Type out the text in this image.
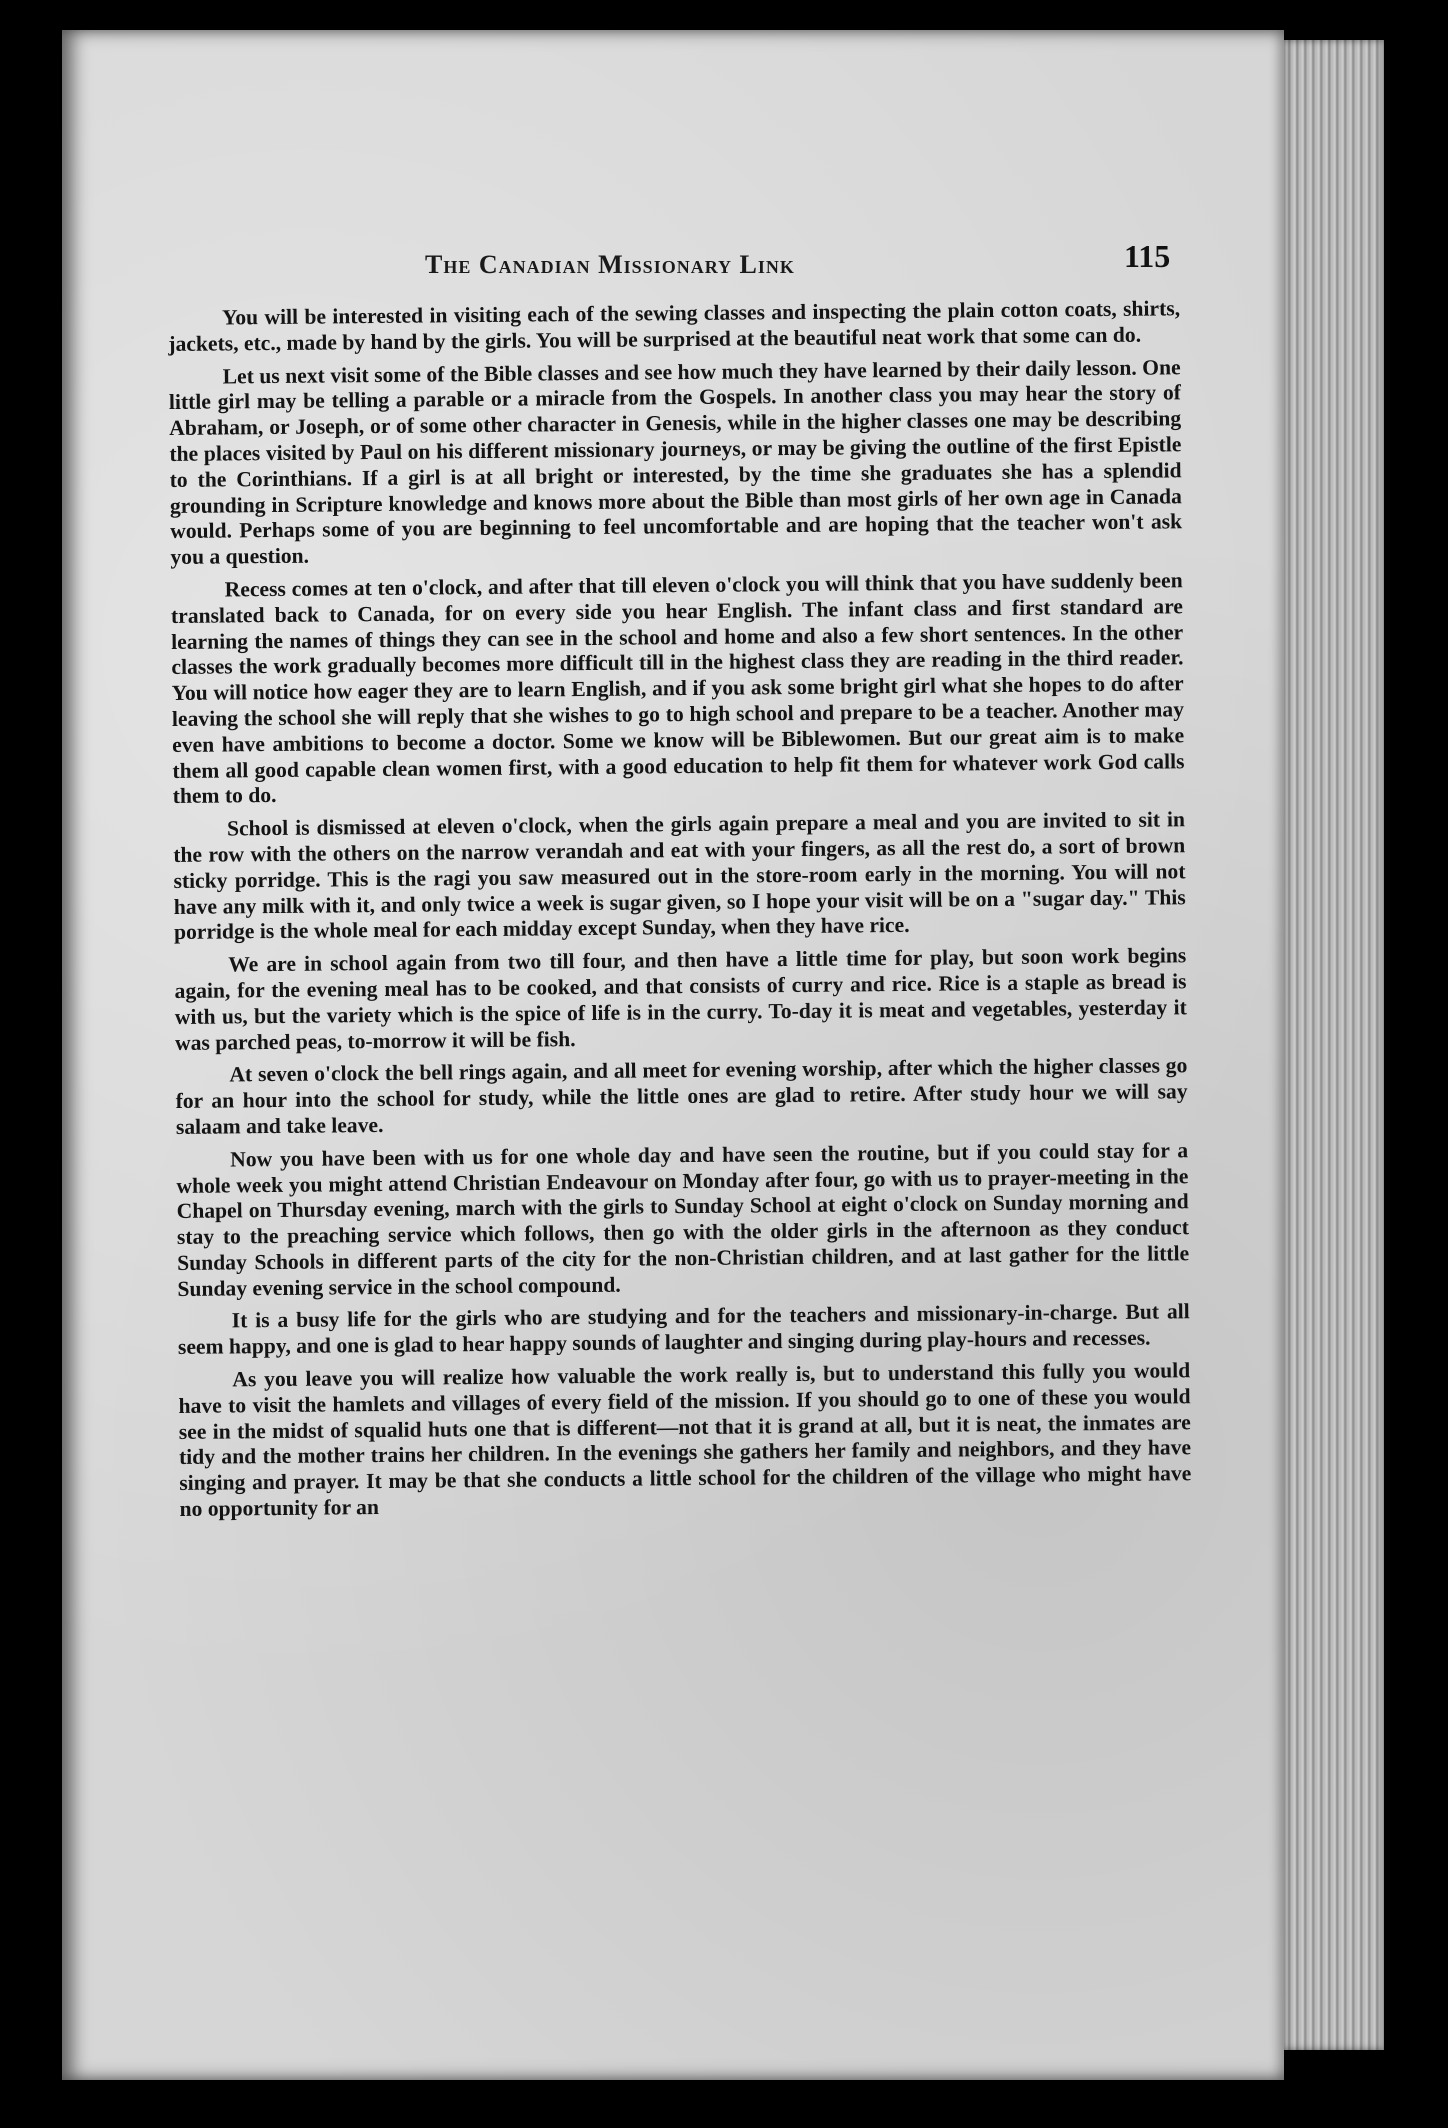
The Canadian Missionary Link	115

You will be interested in visiting each of the sewing classes and inspecting the plain cotton coats, shirts, jackets, etc., made by hand by the girls. You will be surprised at the beautiful neat work that some can do.

Let us next visit some of the Bible classes and see how much they have learned by their daily lesson. One little girl may be telling a parable or a miracle from the Gospels. In another class you may hear the story of Abraham, or Joseph, or of some other character in Genesis, while in the higher classes one may be describing the places visited by Paul on his different missionary journeys, or may be giving the outline of the first Epistle to the Corinthians. If a girl is at all bright or interested, by the time she graduates she has a splendid grounding in Scripture knowledge and knows more about the Bible than most girls of her own age in Canada would. Perhaps some of you are beginning to feel uncomfortable and are hoping that the teacher won't ask you a question.

Recess comes at ten o'clock, and after that till eleven o'clock you will think that you have suddenly been translated back to Canada, for on every side you hear English. The infant class and first standard are learning the names of things they can see in the school and home and also a few short sentences. In the other classes the work gradually becomes more difficult till in the highest class they are reading in the third reader. You will notice how eager they are to learn English, and if you ask some bright girl what she hopes to do after leaving the school she will reply that she wishes to go to high school and prepare to be a teacher. Another may even have ambitions to become a doctor. Some we know will be Biblewomen. But our great aim is to make them all good capable clean women first, with a good education to help fit them for whatever work God calls them to do.

School is dismissed at eleven o'clock, when the girls again prepare a meal and you are invited to sit in the row with the others on the narrow verandah and eat with your fingers, as all the rest do, a sort of brown sticky porridge. This is the ragi you saw measured out in the store-room early in the morning. You will not have any milk with it, and only twice a week is sugar given, so I hope your visit will be on a "sugar day." This porridge is the whole meal for each midday except Sunday, when they have rice.

We are in school again from two till four, and then have a little time for play, but soon work begins again, for the evening meal has to be cooked, and that consists of curry and rice. Rice is a staple as bread is with us, but the variety which is the spice of life is in the curry. To-day it is meat and vegetables, yesterday it was parched peas, to-morrow it will be fish.

At seven o'clock the bell rings again, and all meet for evening worship, after which the higher classes go for an hour into the school for study, while the little ones are glad to retire. After study hour we will say salaam and take leave.

Now you have been with us for one whole day and have seen the routine, but if you could stay for a whole week you might attend Christian Endeavour on Monday after four, go with us to prayer-meeting in the Chapel on Thursday evening, march with the girls to Sunday School at eight o'clock on Sunday morning and stay to the preaching service which follows, then go with the older girls in the afternoon as they conduct Sunday Schools in different parts of the city for the non-Christian children, and at last gather for the little Sunday evening service in the school compound.

It is a busy life for the girls who are studying and for the teachers and missionary-in-charge. But all seem happy, and one is glad to hear happy sounds of laughter and singing during play-hours and recesses.

As you leave you will realize how valuable the work really is, but to understand this fully you would have to visit the hamlets and villages of every field of the mission. If you should go to one of these you would see in the midst of squalid huts one that is different—not that it is grand at all, but it is neat, the inmates are tidy and the mother trains her children. In the evenings she gathers her family and neighbors, and they have singing and prayer. It may be that she conducts a little school for the children of the village who might have no opportunity for an
